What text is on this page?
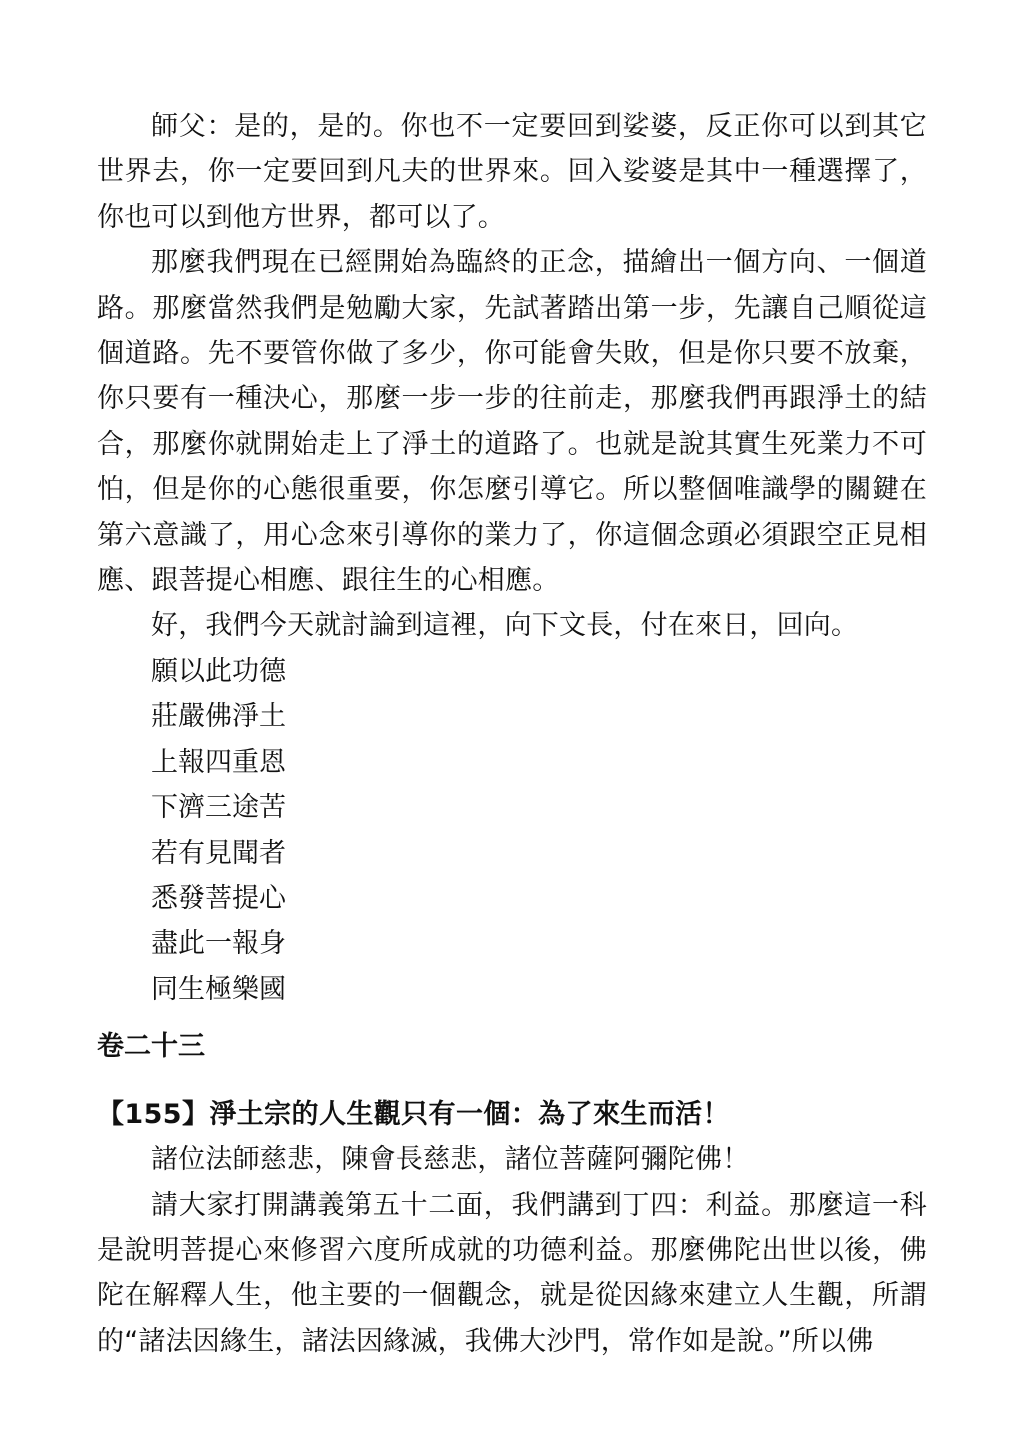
師父：是的，是的。你也不一定要回到娑婆，反正你可以到其它世界去，你一定要回到凡夫的世界來。回入娑婆是其中一種選擇了，你也可以到他方世界，都可以了。

那麼我們現在已經開始為臨終的正念，描繪出一個方向、一個道路。那麼當然我們是勉勵大家，先試著踏出第一步，先讓自己順從這個道路。先不要管你做了多少，你可能會失敗，但是你只要不放棄，你只要有一種決心，那麼一步一步的往前走，那麼我們再跟淨土的結合，那麼你就開始走上了淨土的道路了。也就是說其實生死業力不可怕，但是你的心態很重要，你怎麼引導它。所以整個唯識學的關鍵在第六意識了，用心念來引導你的業力了，你這個念頭必須跟空正見相應、跟菩提心相應、跟往生的心相應。

好，我們今天就討論到這裡，向下文長，付在來日，回向。

願以此功德

莊嚴佛淨土

上報四重恩

下濟三途苦

若有見聞者

悉發菩提心

盡此一報身

同生極樂國

卷二十三
【155】淨土宗的人生觀只有一個：為了來生而活！

諸位法師慈悲，陳會長慈悲，諸位菩薩阿彌陀佛！

請大家打開講義第五十二面，我們講到丁四：利益。那麼這一科是說明菩提心來修習六度所成就的功德利益。那麼佛陀出世以後，佛陀在解釋人生，他主要的一個觀念，就是從因緣來建立人生觀，所謂的“諸法因緣生，諸法因緣滅，我佛大沙門，常作如是說。”所以佛
